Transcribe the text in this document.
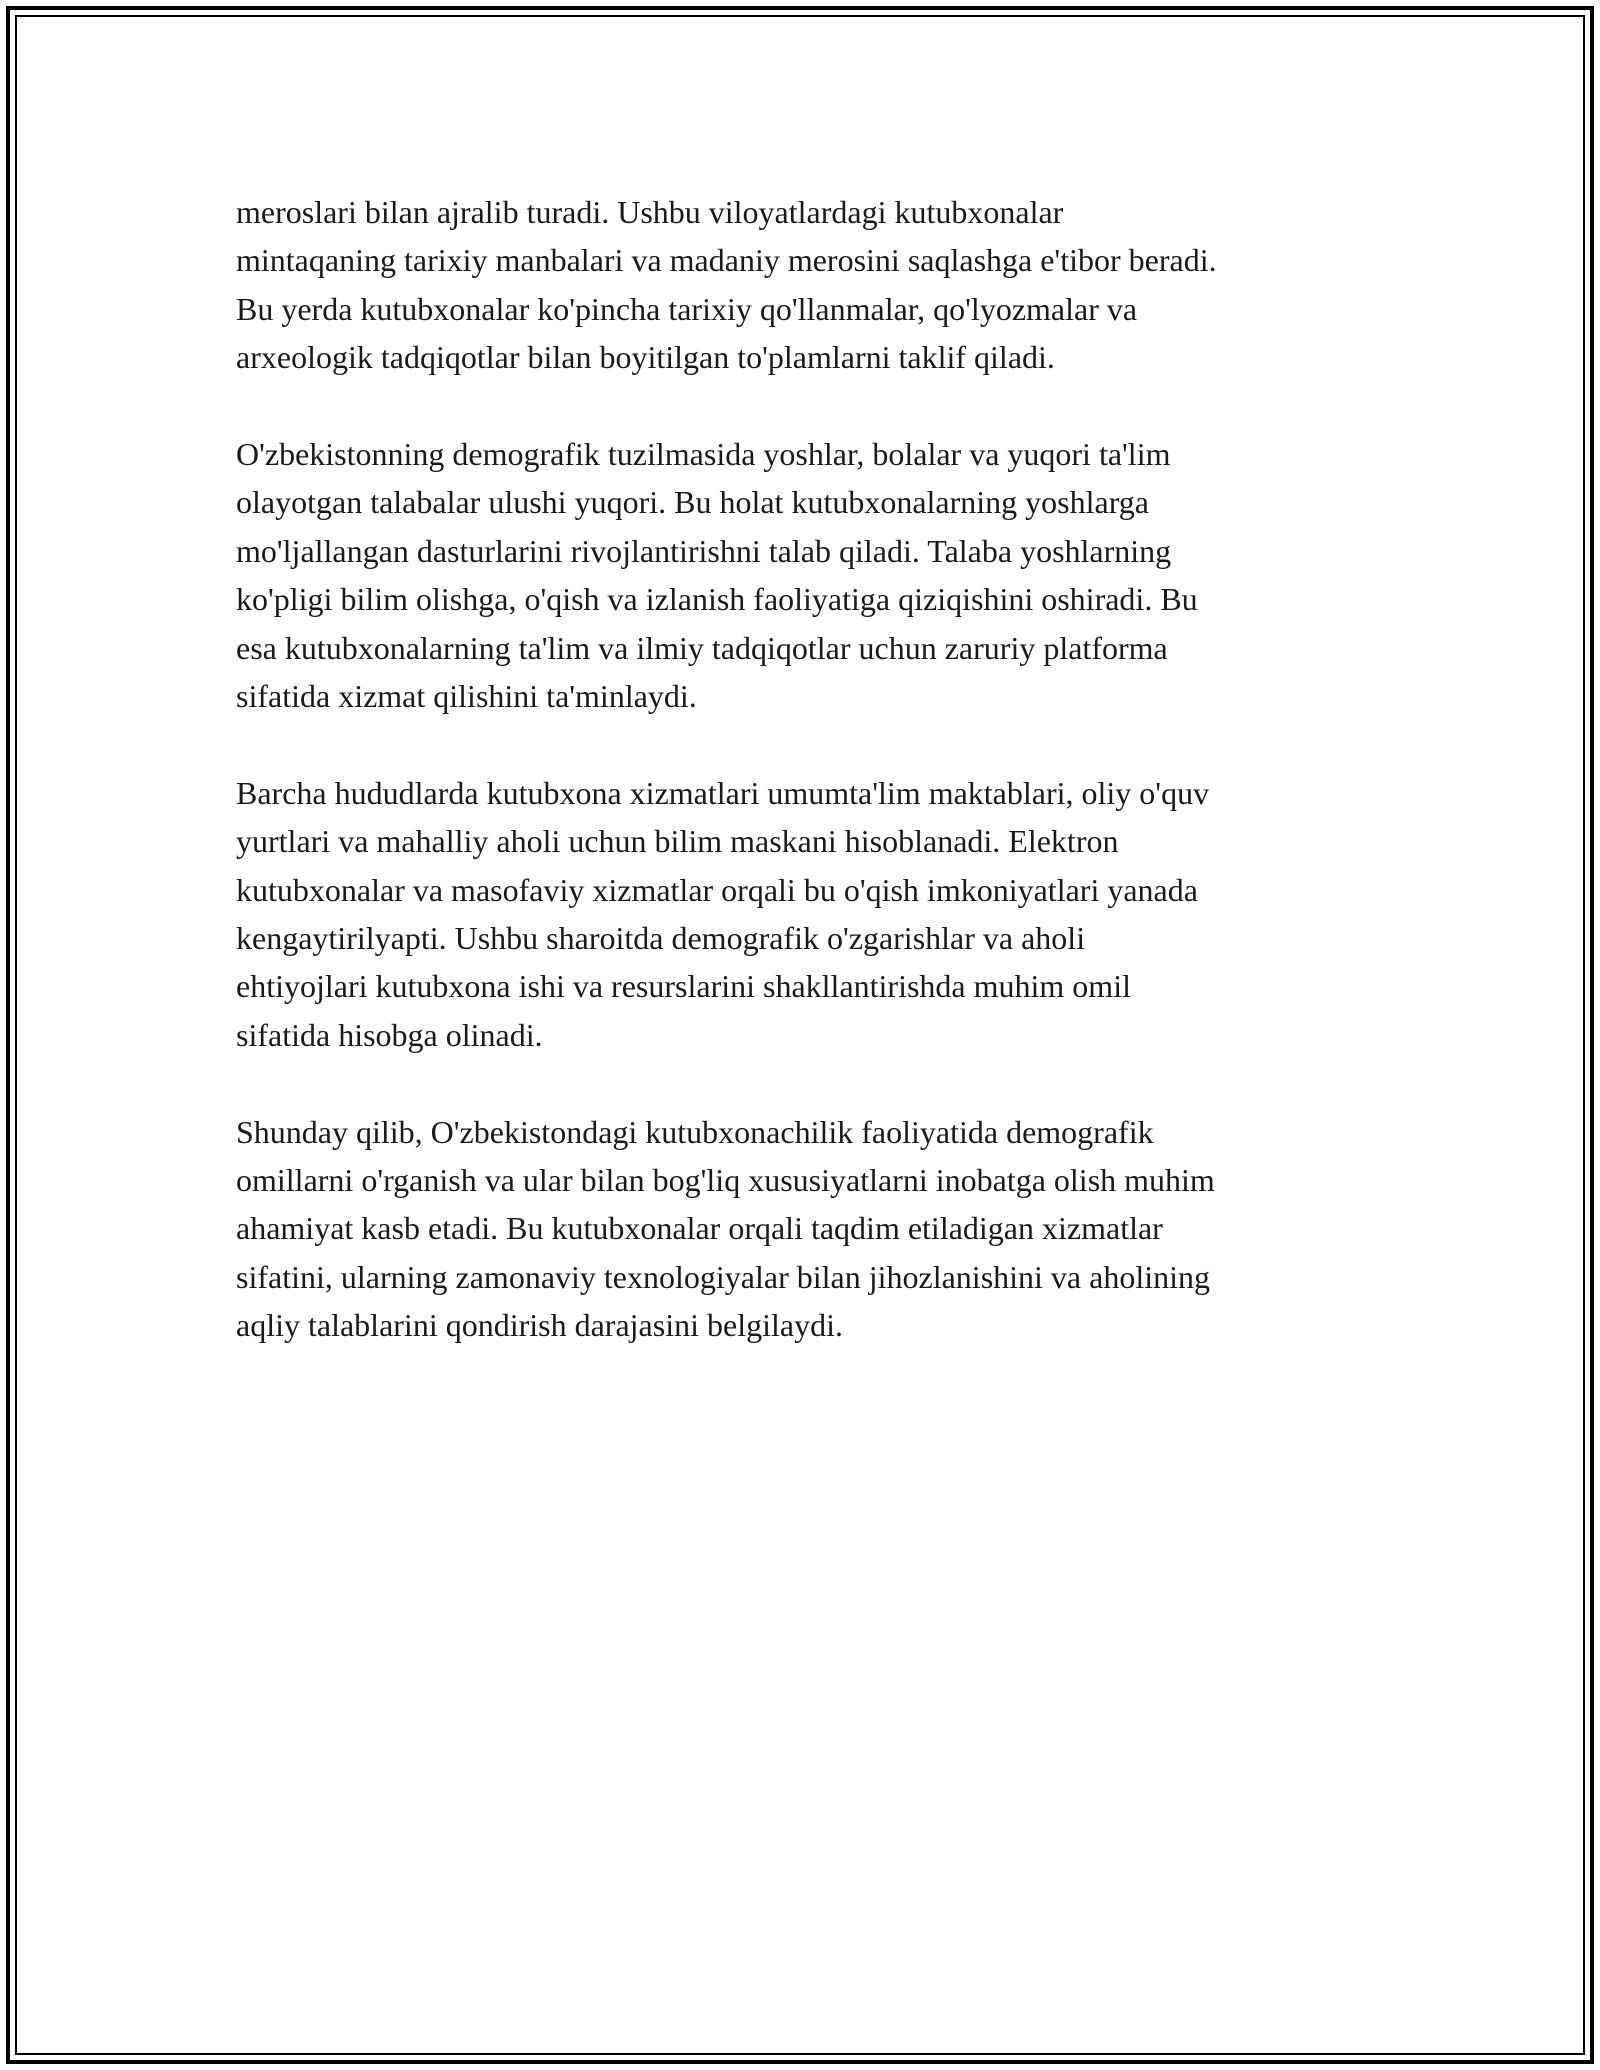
meroslari bilan ajralib turadi. Ushbu viloyatlardagi kutubxonalar
mintaqaning tarixiy manbalari va madaniy merosini saqlashga e'tibor beradi.
Bu yerda kutubxonalar ko'pincha tarixiy qo'llanmalar, qo'lyozmalar va
arxeologik tadqiqotlar bilan boyitilgan to'plamlarni taklif qiladi.

O'zbekistonning demografik tuzilmasida yoshlar, bolalar va yuqori ta'lim
olayotgan talabalar ulushi yuqori. Bu holat kutubxonalarning yoshlarga
mo'ljallangan dasturlarini rivojlantirishni talab qiladi. Talaba yoshlarning
ko'pligi bilim olishga, o'qish va izlanish faoliyatiga qiziqishini oshiradi. Bu
esa kutubxonalarning ta'lim va ilmiy tadqiqotlar uchun zaruriy platforma
sifatida xizmat qilishini ta'minlaydi.

Barcha hududlarda kutubxona xizmatlari umumta'lim maktablari, oliy o'quv
yurtlari va mahalliy aholi uchun bilim maskani hisoblanadi. Elektron
kutubxonalar va masofaviy xizmatlar orqali bu o'qish imkoniyatlari yanada
kengaytirilyapti. Ushbu sharoitda demografik o'zgarishlar va aholi
ehtiyojlari kutubxona ishi va resurslarini shakllantirishda muhim omil
sifatida hisobga olinadi.

Shunday qilib, O'zbekistondagi kutubxonachilik faoliyatida demografik
omillarni o'rganish va ular bilan bog'liq xususiyatlarni inobatga olish muhim
ahamiyat kasb etadi. Bu kutubxonalar orqali taqdim etiladigan xizmatlar
sifatini, ularning zamonaviy texnologiyalar bilan jihozlanishini va aholining
aqliy talablarini qondirish darajasini belgilaydi.
